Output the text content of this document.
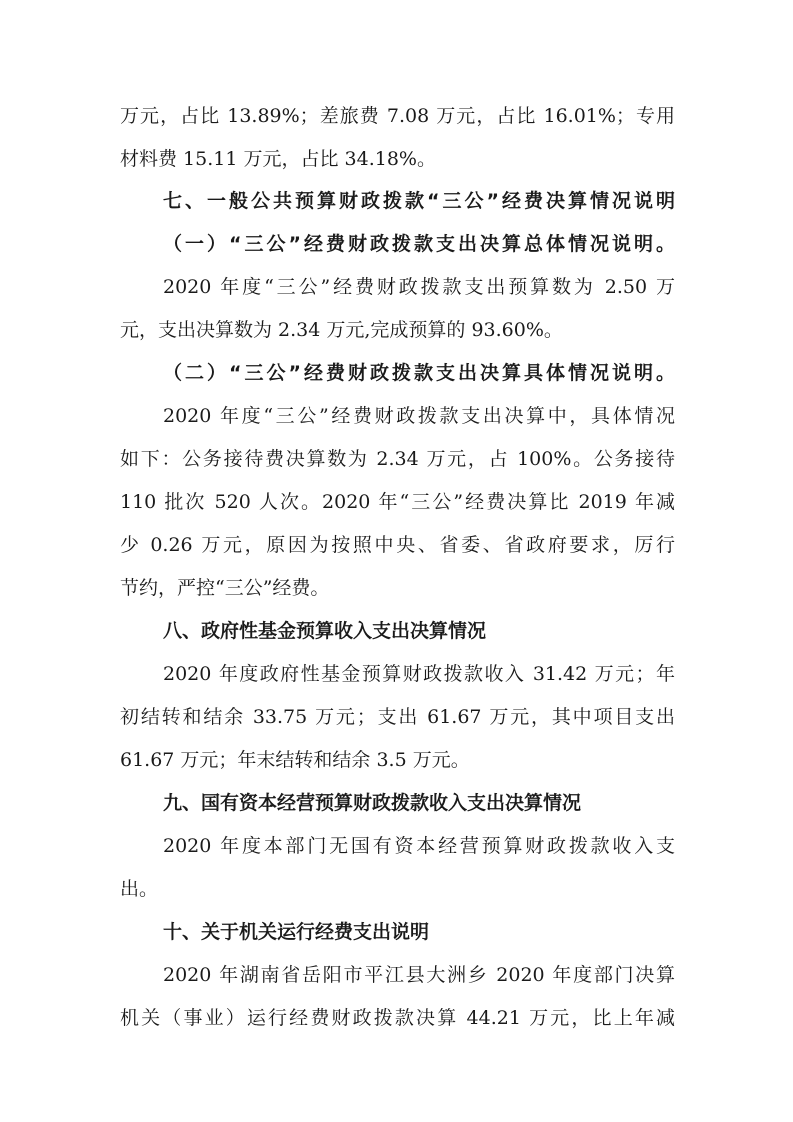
万元，占比 13.89%；差旅费 7.08 万元，占比 16.01%；专用
材料费 15.11 万元，占比 34.18%。
七、一般公共预算财政拨款“三公”经费决算情况说明
（一）“三公”经费财政拨款支出决算总体情况说明。
2020 年度“三公”经费财政拨款支出预算数为 2.50 万
元，支出决算数为 2.34 万元,完成预算的 93.60%。
（二）“三公”经费财政拨款支出决算具体情况说明。
2020 年度“三公”经费财政拨款支出决算中，具体情况
如下：公务接待费决算数为 2.34 万元，占 100%。公务接待
110 批次 520 人次。2020 年“三公”经费决算比 2019 年减
少 0.26 万元，原因为按照中央、省委、省政府要求，厉行
节约，严控“三公”经费。
八、政府性基金预算收入支出决算情况
2020 年度政府性基金预算财政拨款收入 31.42 万元；年
初结转和结余 33.75 万元；支出 61.67 万元，其中项目支出
61.67 万元；年末结转和结余 3.5 万元。
九、国有资本经营预算财政拨款收入支出决算情况
2020 年度本部门无国有资本经营预算财政拨款收入支
出。
十、关于机关运行经费支出说明
2020 年湖南省岳阳市平江县大洲乡 2020 年度部门决算
机关（事业）运行经费财政拨款决算 44.21 万元，比上年减
